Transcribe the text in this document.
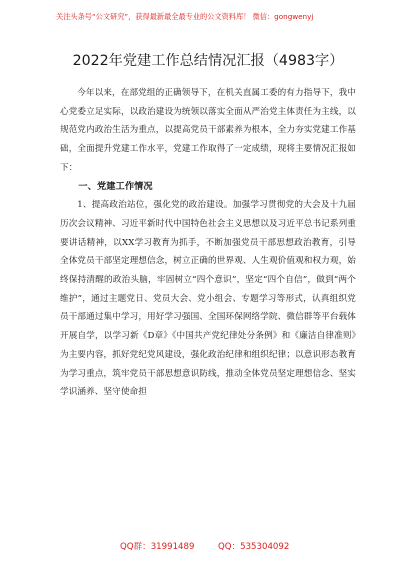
关注头条号“公文研究”，获得最新最全最专业的公文资料库！ 微信：gongwenyj
2022年党建工作总结情况汇报（4983字）

今年以来，在部党组的正确领导下，在机关直属工委的有力指导下，我中心党委立足实际，以政治建设为统领以落实全面从严治党主体责任为主线，以规范党内政治生活为重点，以提高党员干部素养为根本，全力夯实党建工作基础，全面提升党建工作水平，党建工作取得了一定成绩，现将主要情况汇报如下：

一、党建工作情况

1、提高政治站位，强化党的政治建设。加强学习贯彻党的大会及十九届历次会议精神、习近平新时代中国特色社会主义思想以及习近平总书记系列重要讲话精神，以XX学习教育为抓手，不断加强党员干部思想政治教育，引导全体党员干部坚定理想信念，树立正确的世界观、人生观价值观和权力观，始终保持清醒的政治头脑，牢固树立“四个意识”，坚定“四个自信”，做到“两个维护”，通过主题党日、党员大会、党小组会、专题学习等形式，认真组织党员干部通过集中学习，用好学习强国、全国环保网络学院、微信群等平台载体开展自学，以学习新《D章》《中国共产党纪律处分条例》和《廉洁自律准则》为主要内容，抓好党纪党风建设，强化政治纪律和组织纪律；以意识形态教育为学习重点，筑牢党员干部思想意识防线，推动全体党员坚定理想信念、坚实学识涵养、坚守使命担

QQ群：31991489	QQ：535304092
